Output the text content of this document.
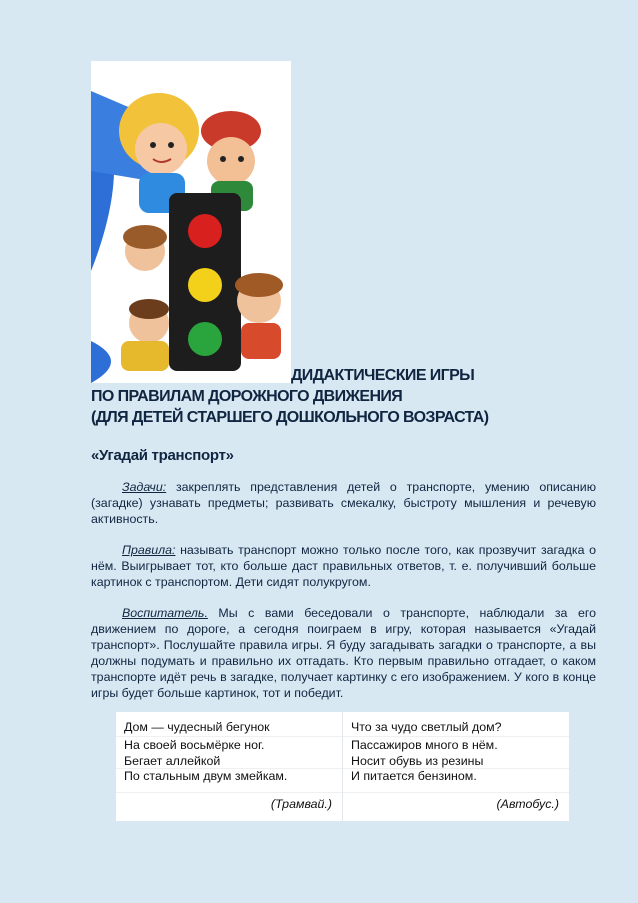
ДИДАКТИЧЕСКИЕ ИГРЫ
ПО ПРАВИЛАМ ДОРОЖНОГО ДВИЖЕНИЯ
(ДЛЯ ДЕТЕЙ СТАРШЕГО ДОШКОЛЬНОГО ВОЗРАСТА)
«Угадай транспорт»
Задачи: закреплять представления детей о транспорте, умению описанию (загадке) узнавать предметы; развивать смекалку, быстроту мышления и речевую активность.
Правила: называть транспорт можно только после того, как прозвучит загадка о нём. Выигрывает тот, кто больше даст правильных ответов, т. е. получивший больше картинок с транспортом. Дети сидят полукругом.
Воспитатель. Мы с вами беседовали о транспорте, наблюдали за его движением по дороге, а сегодня поиграем в игру, которая называется «Угадай транспорт». Послушайте правила игры. Я буду загадывать загадки о транспорте, а вы должны подумать и правильно их отгадать. Кто первым правильно отгадает, о каком транспорте идёт речь в загадке, получает картинку с его изображением. У кого в конце игры будет больше картинок, тот и победит.
Дом — чудесный бегунок
На своей восьмёрке ног.
Бегает аллейкой
По стальным двум змейкам.
(Трамвай.)
Что за чудо светлый дом?
Пассажиров много в нём.
Носит обувь из резины
И питается бензином.
(Автобус.)
